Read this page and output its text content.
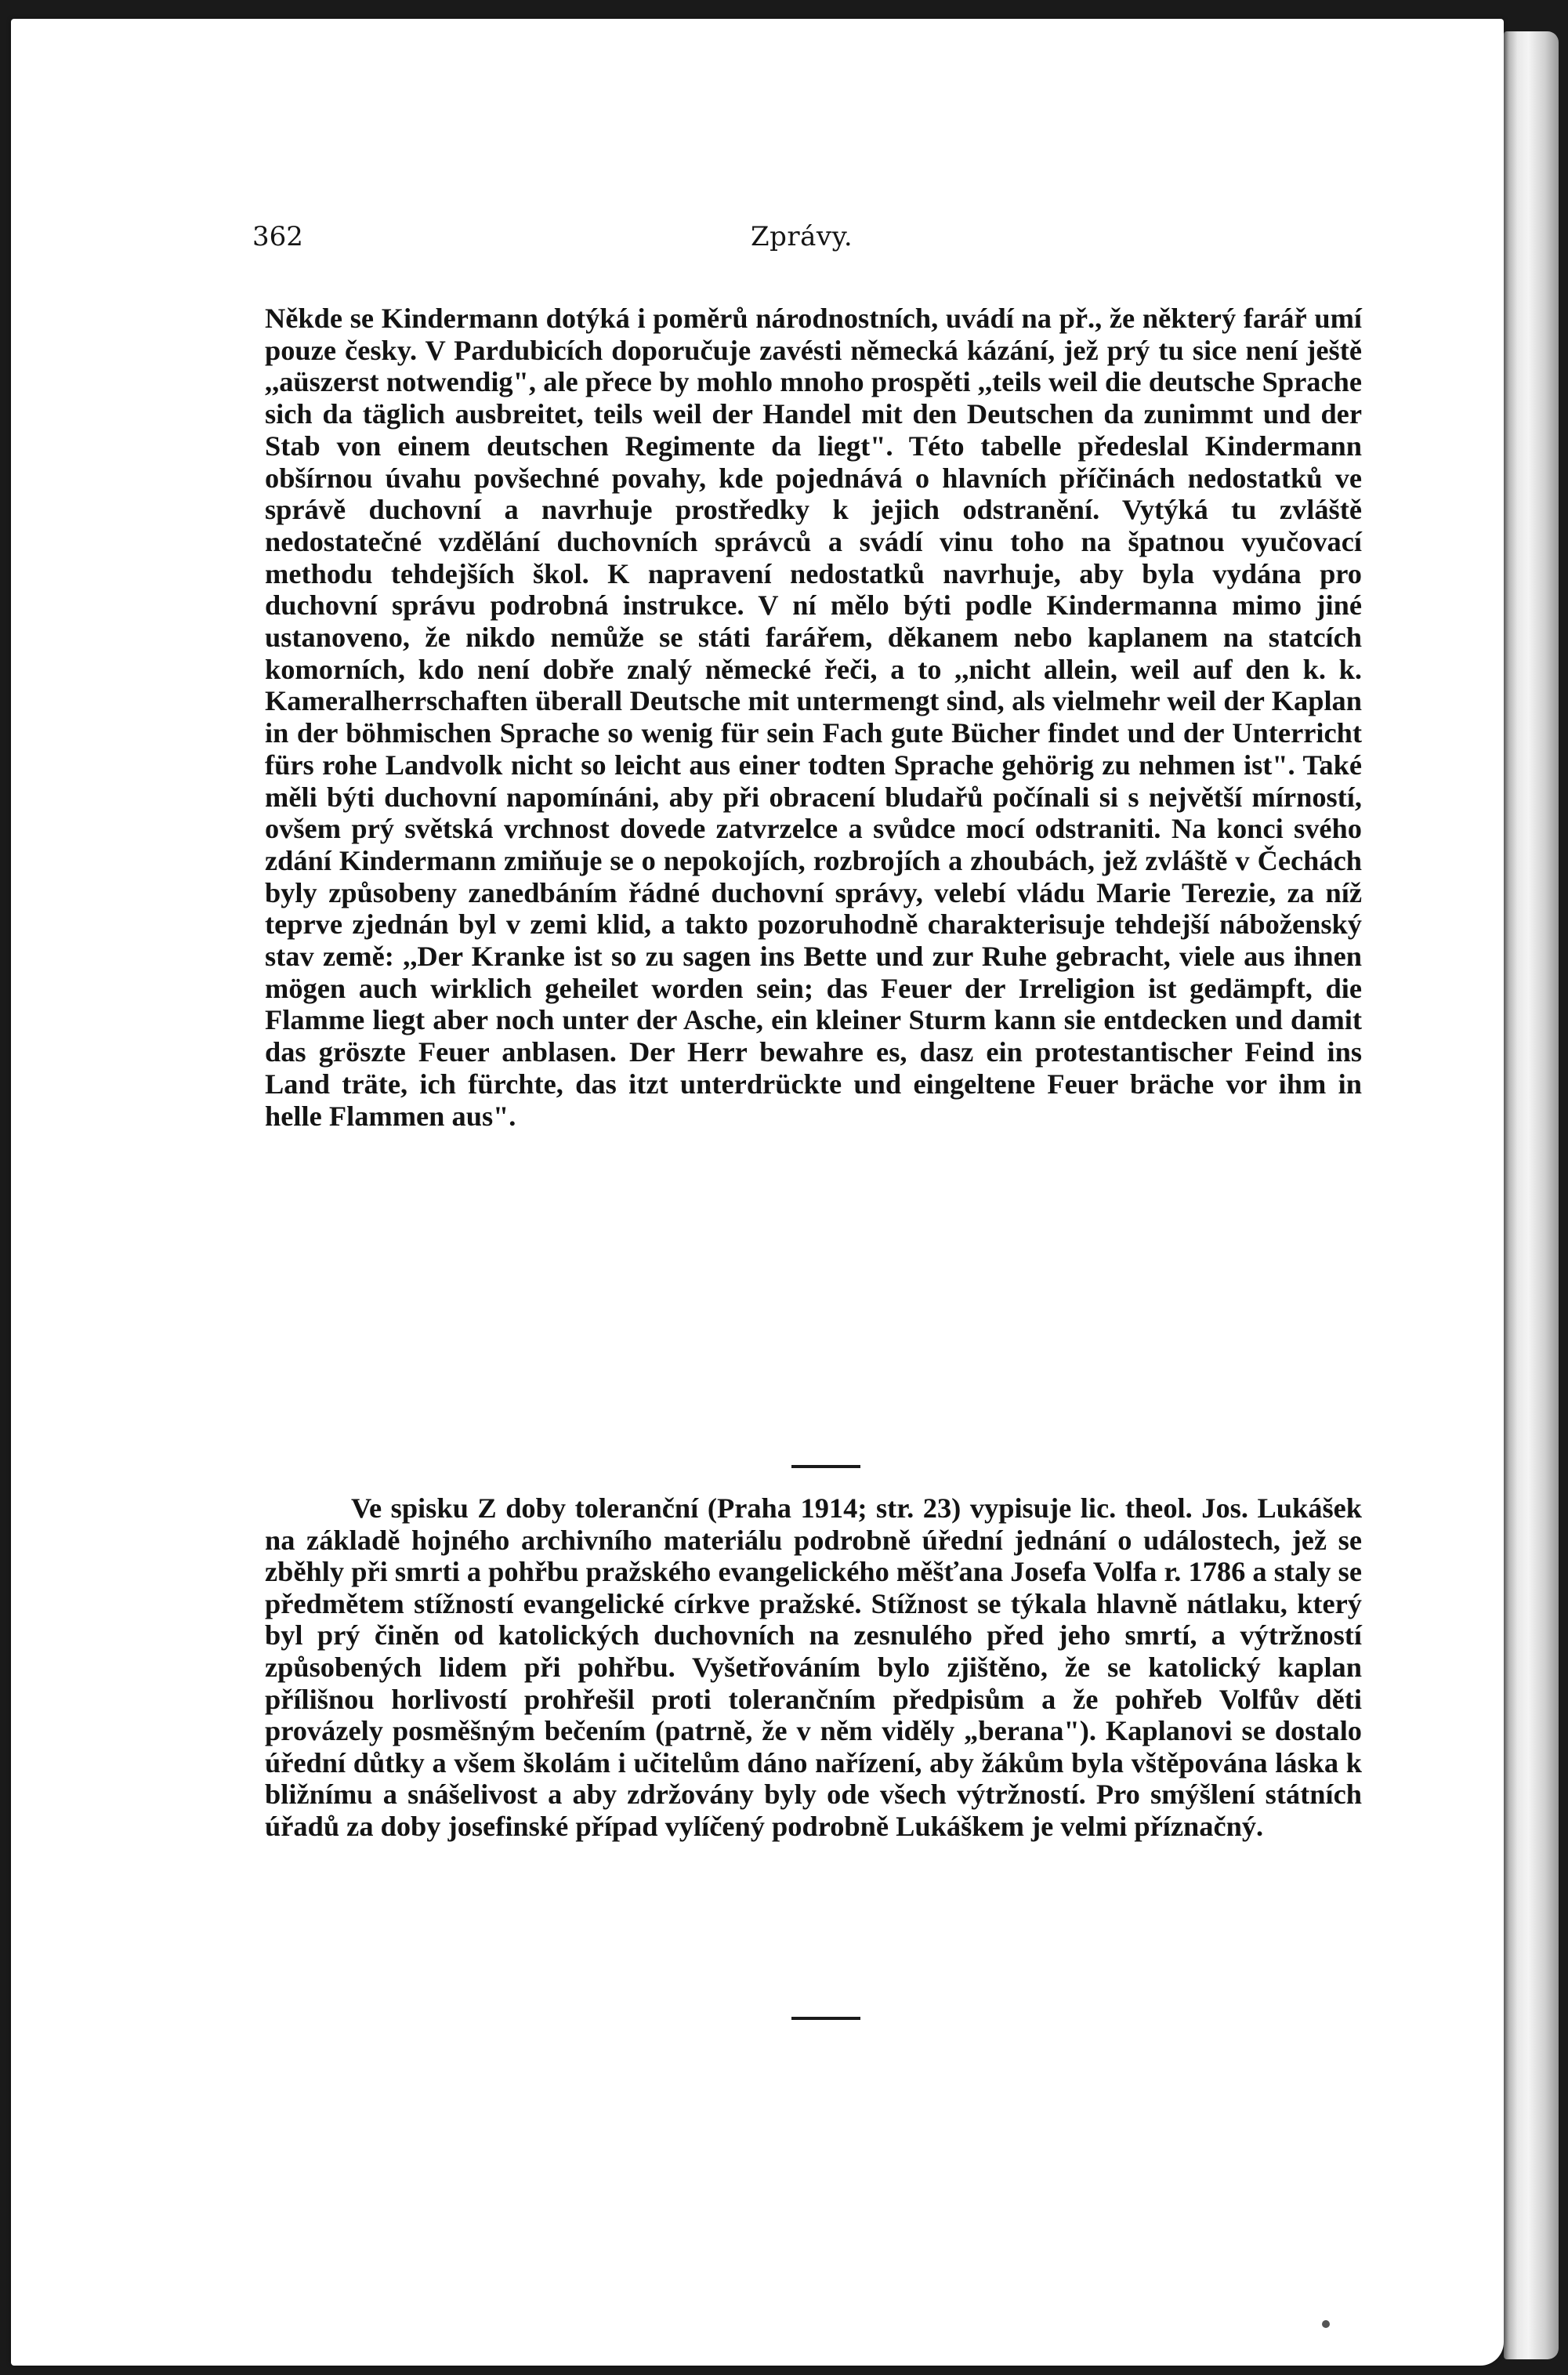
362	Zprávy.

Někde se Kindermann dotýká i poměrů národnostních, uvádí na př., že některý farář umí pouze česky. V Pardubicích doporučuje zavésti německá kázání, jež prý tu sice není ještě ,,aüszerst notwendig", ale přece by mohlo mnoho prospěti ,,teils weil die deutsche Sprache sich da täglich ausbreitet, teils weil der Handel mit den Deutschen da zunimmt und der Stab von einem deutschen Regimente da liegt". Této tabelle předeslal Kindermann obšírnou úvahu povšechné povahy, kde pojednává o hlavních příčinách nedostatků ve správě duchovní a navrhuje prostředky k jejich odstranění. Vytýká tu zvláště nedostatečné vzdělání duchovních správců a svádí vinu toho na špatnou vyučovací methodu tehdejších škol. K napravení nedostatků navrhuje, aby byla vydána pro duchovní správu podrobná instrukce. V ní mělo býti podle Kindermanna mimo jiné ustanoveno, že nikdo nemůže se státi farářem, děkanem nebo kaplanem na statcích komorních, kdo není dobře znalý německé řeči, a to ,,nicht allein, weil auf den k. k. Kameralherrschaften überall Deutsche mit untermengt sind, als vielmehr weil der Kaplan in der böhmischen Sprache so wenig für sein Fach gute Bücher findet und der Unterricht fürs rohe Landvolk nicht so leicht aus einer todten Sprache gehörig zu nehmen ist". Také měli býti duchovní napomínáni, aby při obracení bludařů počínali si s největší mírností, ovšem prý světská vrchnost dovede zatvrzelce a svůdce mocí odstraniti. Na konci svého zdání Kindermann zmiňuje se o nepokojích, rozbrojích a zhoubách, jež zvláště v Čechách byly způsobeny zanedbáním řádné duchovní správy, velebí vládu Marie Terezie, za níž teprve zjednán byl v zemi klid, a takto pozoruhodně charakterisuje tehdejší náboženský stav země: ,,Der Kranke ist so zu sagen ins Bette und zur Ruhe gebracht, viele aus ihnen mögen auch wirklich geheilet worden sein; das Feuer der Irreligion ist gedämpft, die Flamme liegt aber noch unter der Asche, ein kleiner Sturm kann sie entdecken und damit das gröszte Feuer anblasen. Der Herr bewahre es, dasz ein protestantischer Feind ins Land träte, ich fürchte, das itzt unterdrückte und eingeltene Feuer bräche vor ihm in helle Flammen aus".

Ve spisku Z doby toleranční (Praha 1914; str. 23) vypisuje lic. theol. Jos. Lukášek na základě hojného archivního materiálu podrobně úřední jednání o událostech, jež se zběhly při smrti a pohřbu pražského evangelického měšťana Josefa Volfa r. 1786 a staly se předmětem stížností evangelické církve pražské. Stížnost se týkala hlavně nátlaku, který byl prý činěn od katolických duchovních na zesnulého před jeho smrtí, a výtržností způsobených lidem při pohřbu. Vyšetřováním bylo zjištěno, že se katolický kaplan přílišnou horlivostí prohřešil proti tolerančním předpisům a že pohřeb Volfův děti provázely posměšným bečením (patrně, že v něm viděly „berana"). Kaplanovi se dostalo úřední důtky a všem školám i učitelům dáno nařízení, aby žákům byla vštěpována láska k bližnímu a snášelivost a aby zdržovány byly ode všech výtržností. Pro smýšlení státních úřadů za doby josefinské případ vylíčený podrobně Lukáškem je velmi příznačný.
